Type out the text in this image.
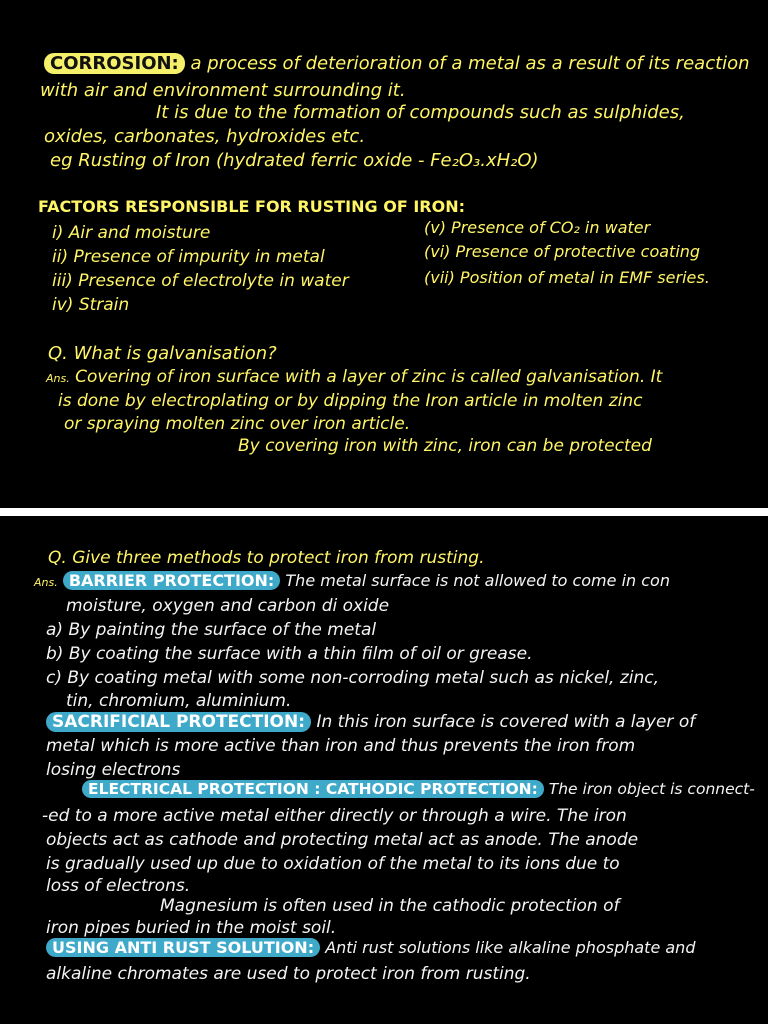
CORROSION: a process of deterioration of a metal as a result of its reaction
with air and environment surrounding it.
It is due to the formation of compounds such as sulphides,
oxides, carbonates, hydroxides etc.
eg Rusting of Iron (hydrated ferric oxide - Fe₂O₃.xH₂O)
FACTORS RESPONSIBLE FOR RUSTING OF IRON:
i) Air and moisture
ii) Presence of impurity in metal
iii) Presence of electrolyte in water
iv) Strain
(v) Presence of CO₂ in water
(vi) Presence of protective coating
(vii) Position of metal in EMF series.
Q. What is galvanisation?
Ans. Covering of iron surface with a layer of zinc is called galvanisation. It
is done by electroplating or by dipping the Iron article in molten zinc
or spraying molten zinc over iron article.
By covering iron with zinc, iron can be protected
Q. Give three methods to protect iron from rusting.
Ans. BARRIER PROTECTION: The metal surface is not allowed to come in con
moisture, oxygen and carbon di oxide
a) By painting the surface of the metal
b) By coating the surface with a thin film of oil or grease.
c) By coating metal with some non-corroding metal such as nickel, zinc,
tin, chromium, aluminium.
SACRIFICIAL PROTECTION: In this iron surface is covered with a layer of
metal which is more active than iron and thus prevents the iron from
losing electrons
ELECTRICAL PROTECTION : CATHODIC PROTECTION: The iron object is connect-
-ed to a more active metal either directly or through a wire. The iron
objects act as cathode and protecting metal act as anode. The anode
is gradually used up due to oxidation of the metal to its ions due to
loss of electrons.
Magnesium is often used in the cathodic protection of
iron pipes buried in the moist soil.
USING ANTI RUST SOLUTION: Anti rust solutions like alkaline phosphate and
alkaline chromates are used to protect iron from rusting.
